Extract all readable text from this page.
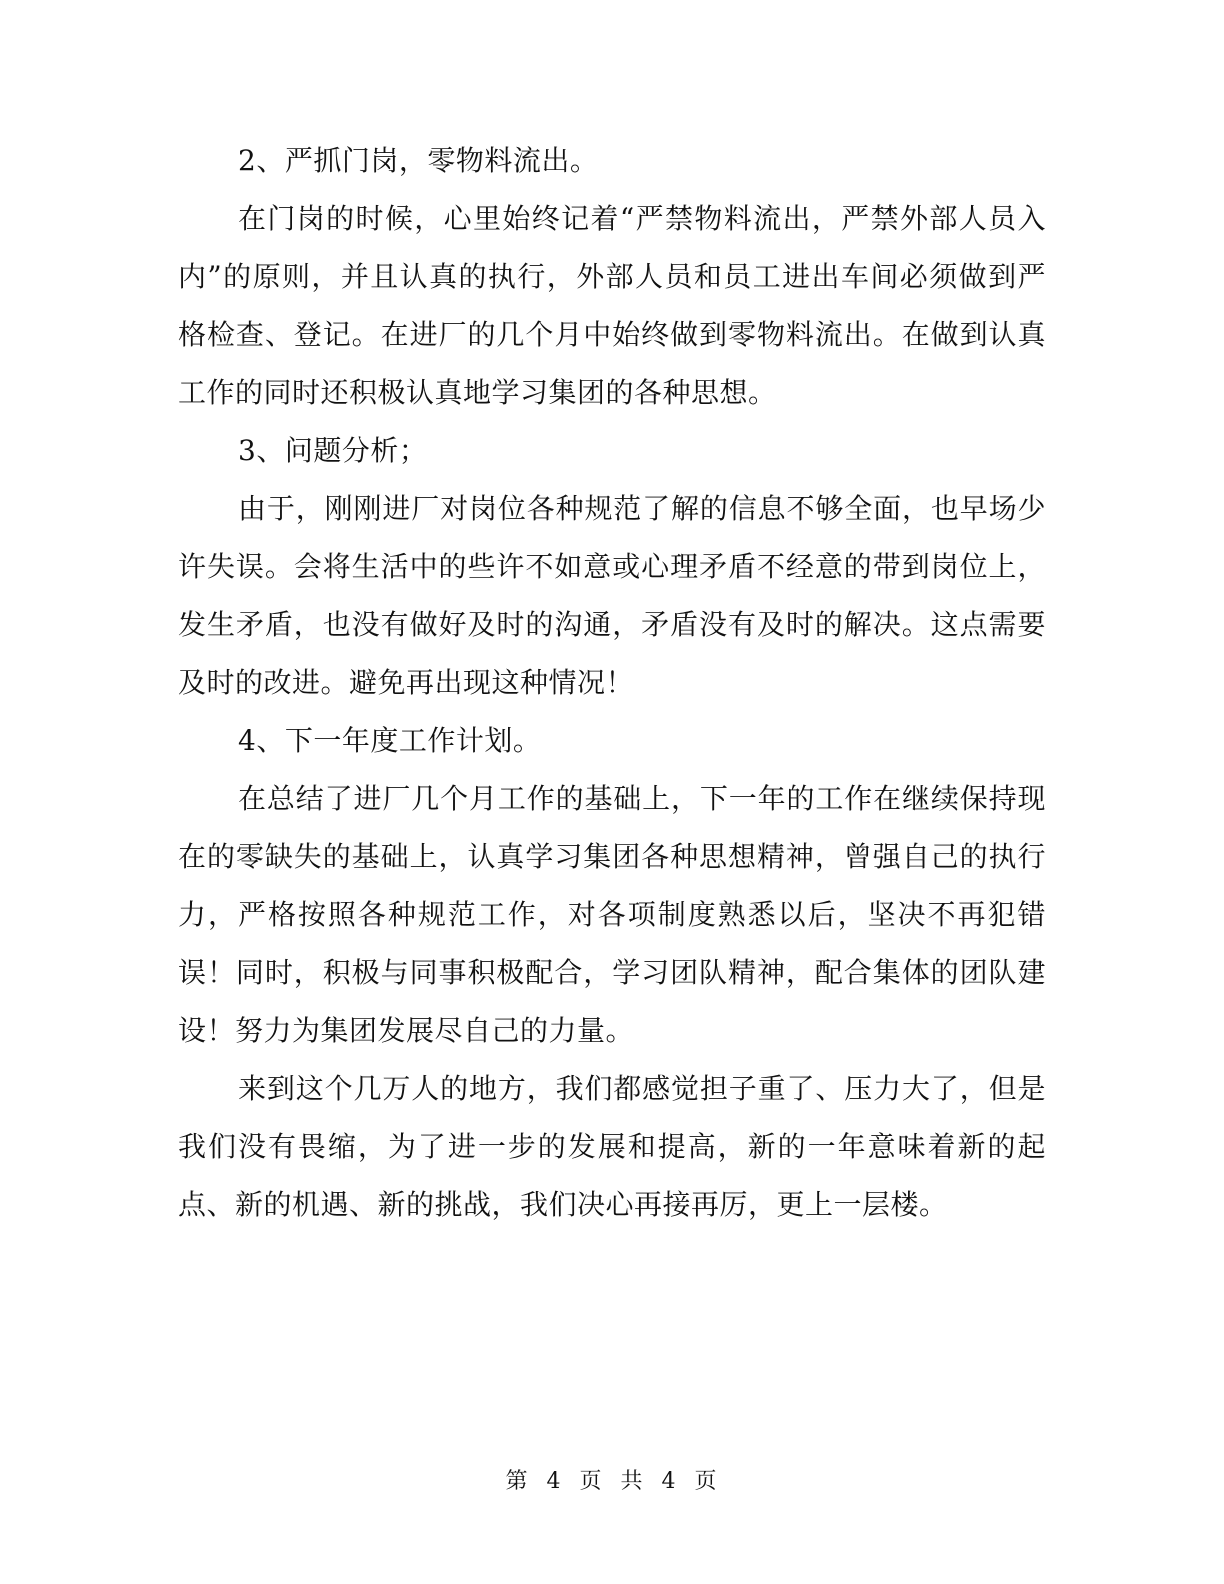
2、严抓门岗，零物料流出。

在门岗的时候，心里始终记着“严禁物料流出，严禁外部人员入内”的原则，并且认真的执行，外部人员和员工进出车间必须做到严格检查、登记。在进厂的几个月中始终做到零物料流出。在做到认真工作的同时还积极认真地学习集团的各种思想。

3、问题分析；

由于，刚刚进厂对岗位各种规范了解的信息不够全面，也早场少许失误。会将生活中的些许不如意或心理矛盾不经意的带到岗位上，发生矛盾，也没有做好及时的沟通，矛盾没有及时的解决。这点需要及时的改进。避免再出现这种情况！

4、下一年度工作计划。

在总结了进厂几个月工作的基础上，下一年的工作在继续保持现在的零缺失的基础上，认真学习集团各种思想精神，曾强自己的执行力，严格按照各种规范工作，对各项制度熟悉以后，坚决不再犯错误！同时，积极与同事积极配合，学习团队精神，配合集体的团队建设！努力为集团发展尽自己的力量。

来到这个几万人的地方，我们都感觉担子重了、压力大了，但是我们没有畏缩，为了进一步的发展和提高，新的一年意味着新的起点、新的机遇、新的挑战，我们决心再接再厉，更上一层楼。

第 4 页 共 4 页
